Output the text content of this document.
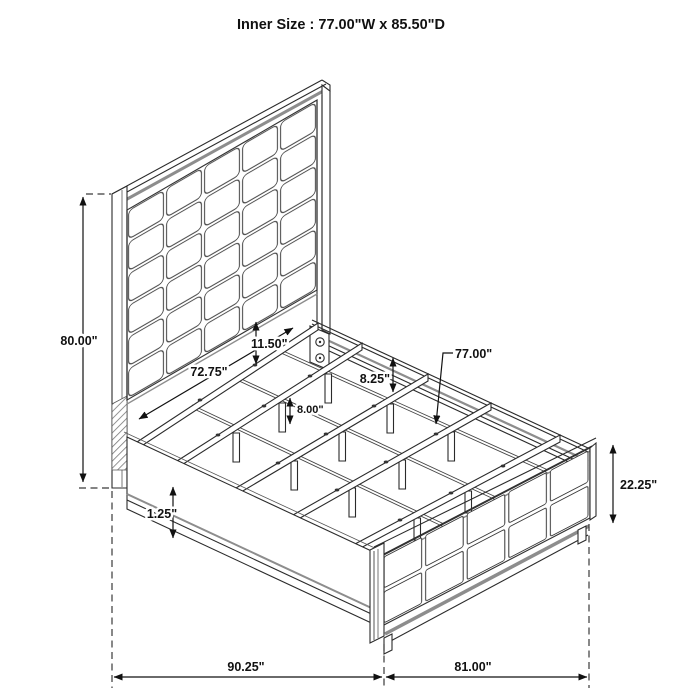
80.00"
72.75"
11.50"
8.25"
8.00"
77.00"
22.25"
1.25"
90.25"	81.00"
Inner Size : 77.00"W x 85.50"D
